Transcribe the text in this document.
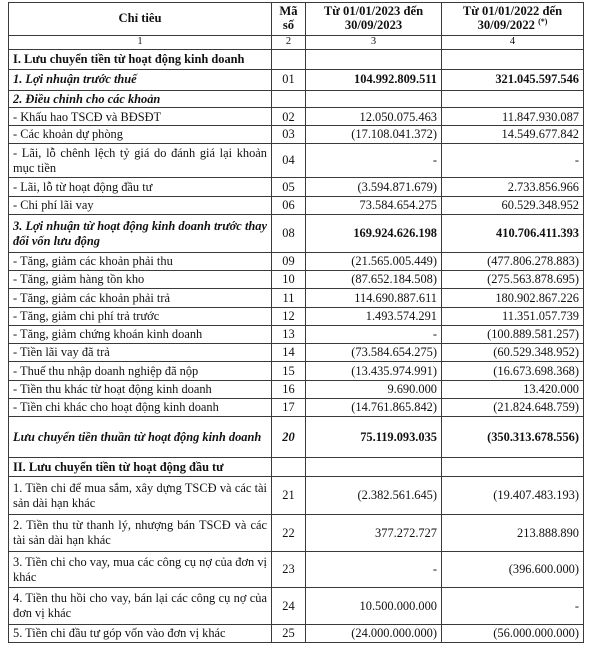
Chỉ tiêu	Mã số	Từ 01/01/2023 đến 30/09/2023	Từ 01/01/2022 đến 30/09/2022 (*)
1	2	3	4
I. Lưu chuyển tiền từ hoạt động kinh doanh			
1. Lợi nhuận trước thuế	01	104.992.809.511	321.045.597.546
2. Điều chỉnh cho các khoản			
- Khấu hao TSCĐ và BĐSĐT	02	12.050.075.463	11.847.930.087
- Các khoản dự phòng	03	(17.108.041.372)	14.549.677.842
- Lãi, lỗ chênh lệch tỷ giá do đánh giá lại khoản mục tiền	04	-	-
- Lãi, lỗ từ hoạt động đầu tư	05	(3.594.871.679)	2.733.856.966
- Chi phí lãi vay	06	73.584.654.275	60.529.348.952
3. Lợi nhuận từ hoạt động kinh doanh trước thay đổi vốn lưu động	08	169.924.626.198	410.706.411.393
- Tăng, giảm các khoản phải thu	09	(21.565.005.449)	(477.806.278.883)
- Tăng, giảm hàng tồn kho	10	(87.652.184.508)	(275.563.878.695)
- Tăng, giảm các khoản phải trả	11	114.690.887.611	180.902.867.226
- Tăng, giảm chi phí trả trước	12	1.493.574.291	11.351.057.739
- Tăng, giảm chứng khoán kinh doanh	13	-	(100.889.581.257)
- Tiền lãi vay đã trả	14	(73.584.654.275)	(60.529.348.952)
- Thuế thu nhập doanh nghiệp đã nộp	15	(13.435.974.991)	(16.673.698.368)
- Tiền thu khác từ hoạt động kinh doanh	16	9.690.000	13.420.000
- Tiền chi khác cho hoạt động kinh doanh	17	(14.761.865.842)	(21.824.648.759)
Lưu chuyển tiền thuần từ hoạt động kinh doanh	20	75.119.093.035	(350.313.678.556)
II. Lưu chuyển tiền từ hoạt động đầu tư			
1. Tiền chi để mua sắm, xây dựng TSCĐ và các tài sản dài hạn khác	21	(2.382.561.645)	(19.407.483.193)
2. Tiền thu từ thanh lý, nhượng bán TSCĐ và các tài sản dài hạn khác	22	377.272.727	213.888.890
3. Tiền chi cho vay, mua các công cụ nợ của đơn vị khác	23	-	(396.600.000)
4. Tiền thu hồi cho vay, bán lại các công cụ nợ của đơn vị khác	24	10.500.000.000	-
5. Tiền chi đầu tư góp vốn vào đơn vị khác	25	(24.000.000.000)	(56.000.000.000)
